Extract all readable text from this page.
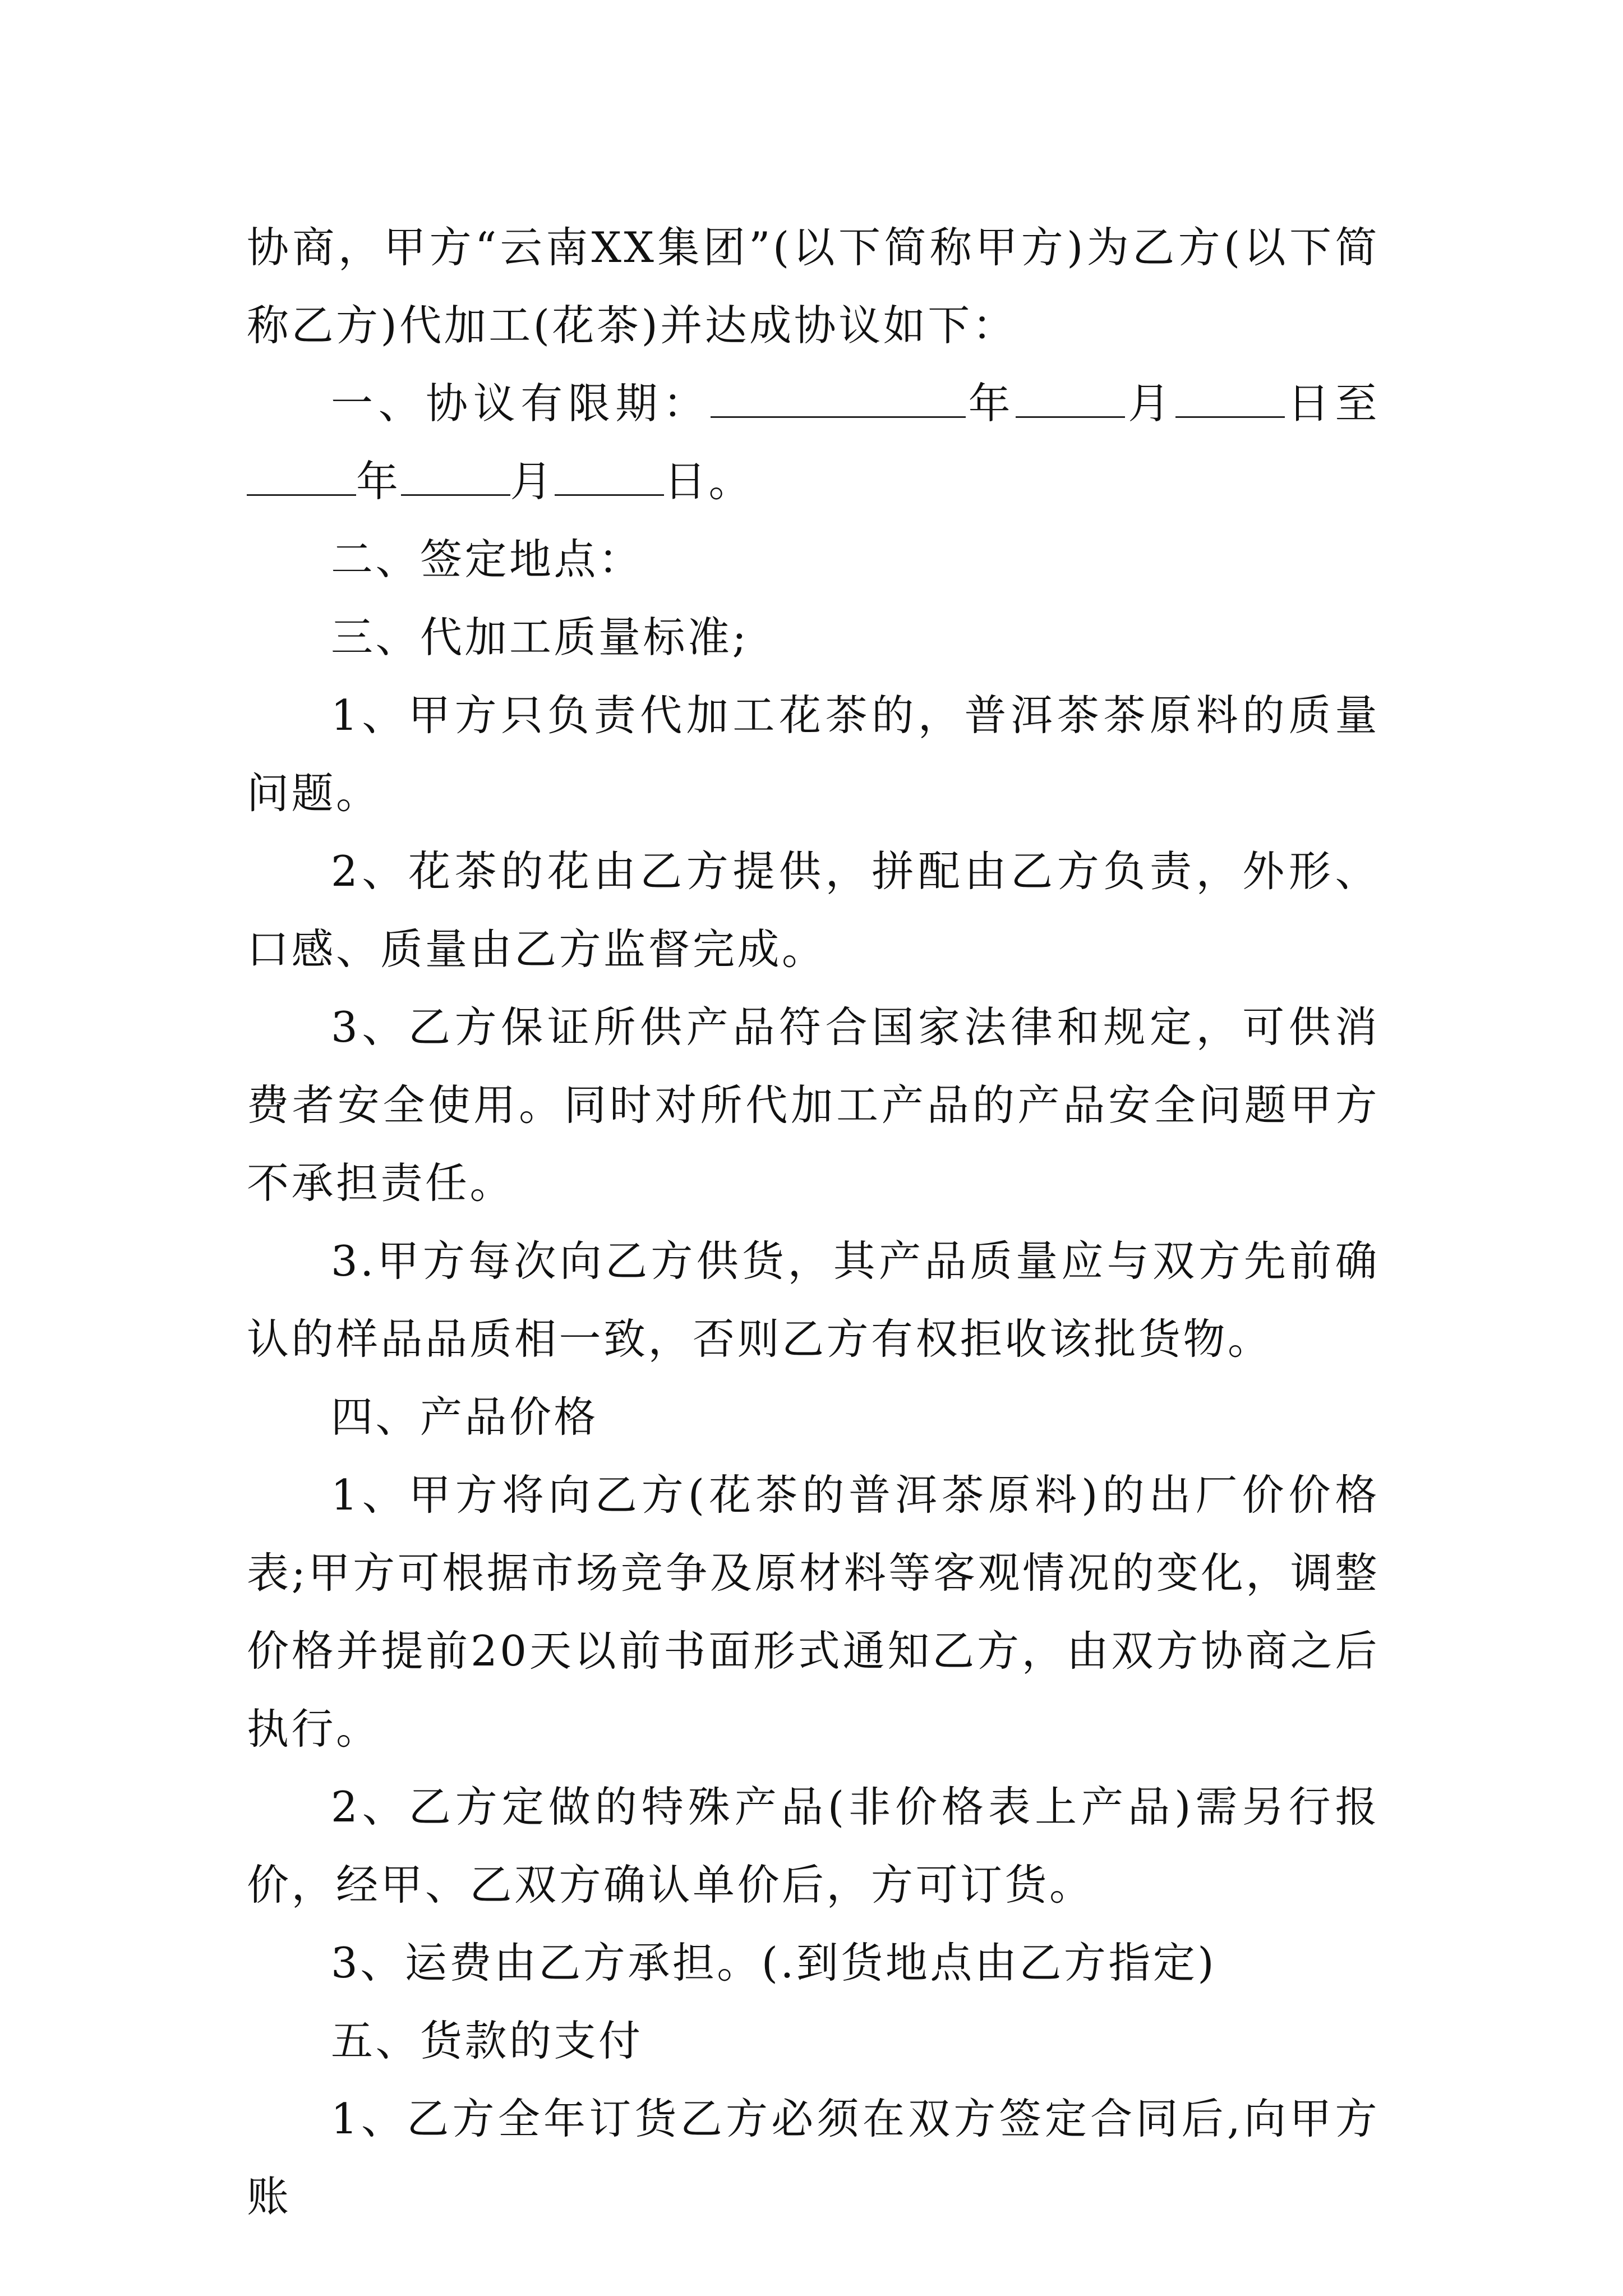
协商，甲方“云南XX集团”(以下简称甲方)为乙方(以下简称乙方)代加工(花茶)并达成协议如下：

一、协议有限期：	年	月	日至年	月	日。

二、签定地点：

三、代加工质量标准;

1、甲方只负责代加工花茶的，普洱茶茶原料的质量问题。

2、花茶的花由乙方提供，拼配由乙方负责，外形、口感、质量由乙方监督完成。

3、乙方保证所供产品符合国家法律和规定，可供消费者安全使用。同时对所代加工产品的产品安全问题甲方不承担责任。

3.甲方每次向乙方供货，其产品质量应与双方先前确认的样品品质相一致，否则乙方有权拒收该批货物。

四、产品价格

1、甲方将向乙方(花茶的普洱茶原料)的出厂价价格表;甲方可根据市场竞争及原材料等客观情况的变化，调整价格并提前20天以前书面形式通知乙方，由双方协商之后执行。

2、乙方定做的特殊产品(非价格表上产品)需另行报价，经甲、乙双方确认单价后，方可订货。

3、运费由乙方承担。(.到货地点由乙方指定)

五、货款的支付

1、乙方全年订货乙方必须在双方签定合同后,向甲方账
